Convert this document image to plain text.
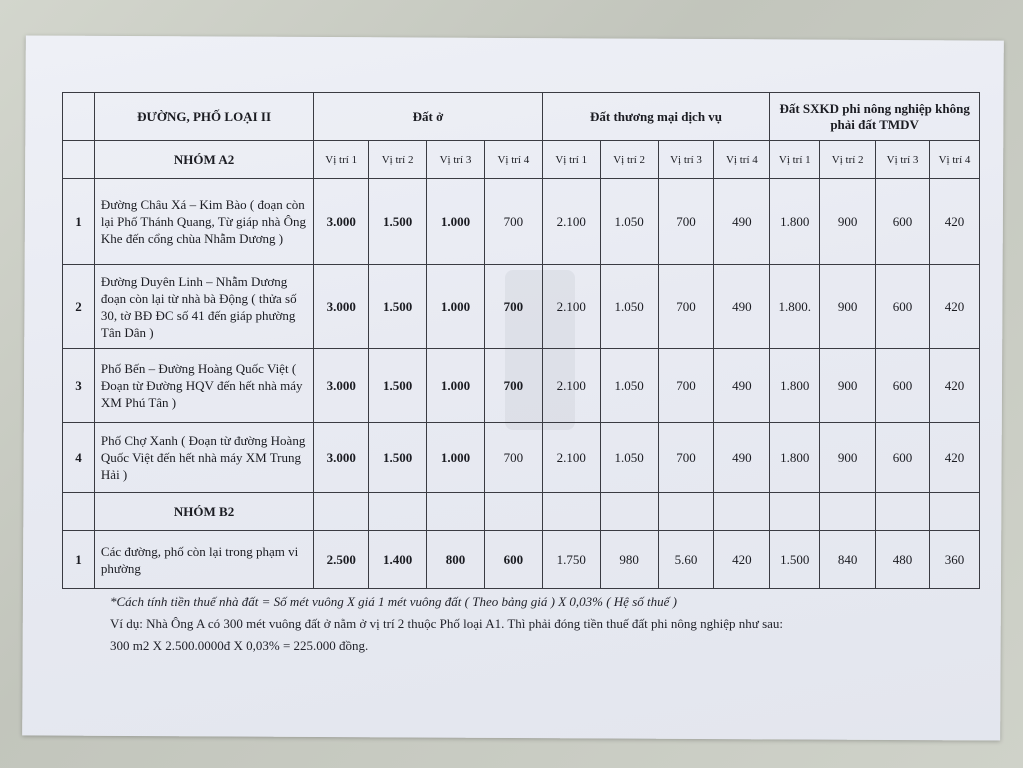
	ĐƯỜNG, PHỐ LOẠI II	Đất ở				Đất thương mại dịch vụ				Đất SXKD phi nông nghiệp không phải đất TMDV			
	NHÓM A2	Vị trí 1	Vị trí 2	Vị trí 3	Vị trí 4	Vị trí 1	Vị trí 2	Vị trí 3	Vị trí 4	Vị trí 1	Vị trí 2	Vị trí 3	Vị trí 4
1	Đường Châu Xá – Kim Bào ( đoạn còn lại Phố Thánh Quang, Từ giáp nhà Ông Khe đến cổng chùa Nhẫm Dương )	3.000	1.500	1.000	700	2.100	1.050	700	490	1.800	900	600	420
2	Đường Duyên Linh – Nhẫm Dương đoạn còn lại từ nhà bà Động ( thửa số 30, tờ BĐ ĐC số 41 đến giáp phường Tân Dân )	3.000	1.500	1.000	700	2.100	1.050	700	490	1.800.	900	600	420
3	Phố Bến – Đường Hoàng Quốc Việt ( Đoạn từ Đường HQV đến hết nhà máy XM Phú Tân )	3.000	1.500	1.000	700	2.100	1.050	700	490	1.800	900	600	420
4	Phố Chợ Xanh ( Đoạn từ đường Hoàng Quốc Việt đến hết nhà máy XM Trung Hải )	3.000	1.500	1.000	700	2.100	1.050	700	490	1.800	900	600	420
	NHÓM B2												
1	Các đường, phố còn lại trong phạm vi phường	2.500	1.400	800	600	1.750	980	5.60	420	1.500	840	480	360

*Cách tính tiền thuế nhà đất = Số mét vuông X giá 1 mét vuông đất ( Theo bảng giá ) X 0,03% ( Hệ số thuế )

Ví dụ: Nhà Ông A có 300 mét vuông đất ở nằm ở vị trí 2 thuộc Phố loại A1. Thì phải đóng tiền thuế đất phi nông nghiệp như sau:

300 m2 X 2.500.0000đ X 0,03% = 225.000 đồng.
